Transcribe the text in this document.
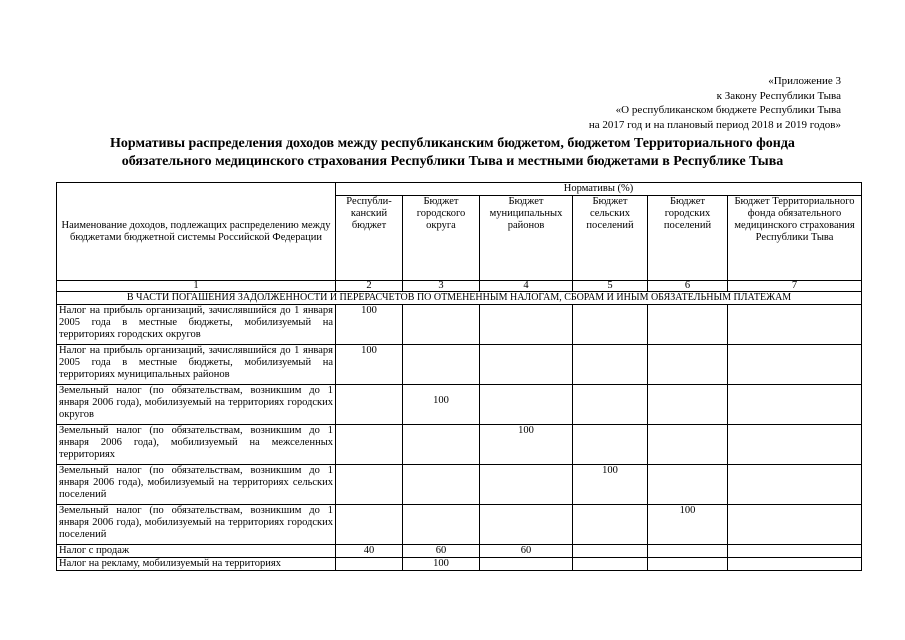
«Приложение 3
к Закону Республики Тыва
«О республиканском бюджете Республики Тыва
на 2017 год и на плановый период 2018 и 2019 годов»
Нормативы распределения доходов между республиканским бюджетом, бюджетом Территориального фонда
обязательного медицинского страхования Республики Тыва и местными бюджетами в Республике Тыва
Наименование доходов, подлежащих распределению между бюджетами бюджетной системы Российской Федерации	Нормативы (%)					
	Республи-канский бюджет	Бюджет городского округа	Бюджет муниципальных районов	Бюджет сельских поселений	Бюджет городских поселений	Бюджет Территориального фонда обязательного медицинского страхования Республики Тыва
1	2	3	4	5	6	7
В ЧАСТИ ПОГАШЕНИЯ ЗАДОЛЖЕННОСТИ И ПЕРЕРАСЧЕТОВ ПО ОТМЕНЕННЫМ НАЛОГАМ, СБОРАМ И ИНЫМ ОБЯЗАТЕЛЬНЫМ ПЛАТЕЖАМ						
Налог на прибыль организаций, зачислявшийся до 1 января 2005 года в местные бюджеты, мобилизуемый на территориях городских округов	100					
Налог на прибыль организаций, зачислявшийся до 1 января 2005 года в местные бюджеты, мобилизуемый на территориях муниципальных районов	100					
Земельный налог (по обязательствам, возникшим до 1 января 2006 года), мобилизуемый на территориях городских округов		100				
Земельный налог (по обязательствам, возникшим до 1 января 2006 года), мобилизуемый на межселенных территориях			100			
Земельный налог (по обязательствам, возникшим до 1 января 2006 года), мобилизуемый на территориях сельских поселений				100		
Земельный налог (по обязательствам, возникшим до 1 января 2006 года), мобилизуемый на территориях городских поселений					100	
Налог с продаж	40	60	60			
Налог на рекламу, мобилизуемый на территориях		100				
